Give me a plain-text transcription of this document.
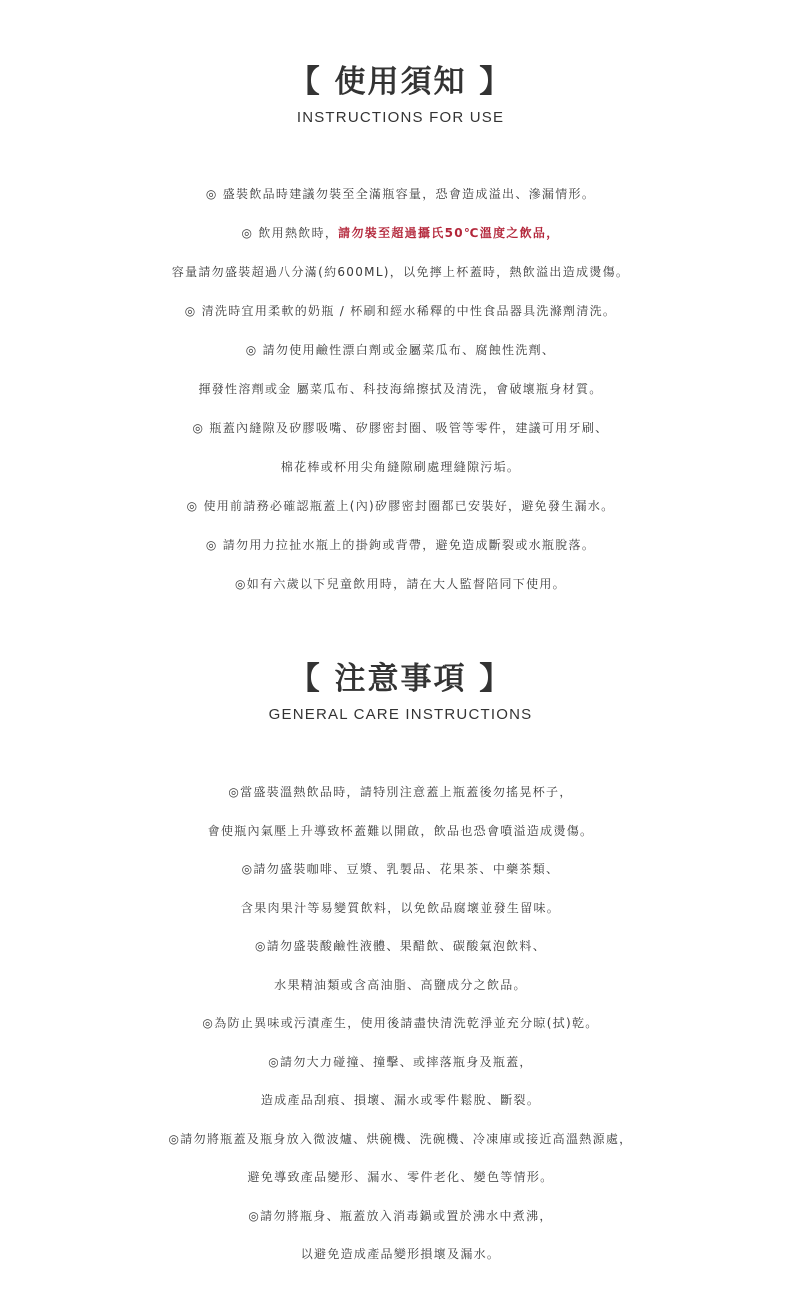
【 使用須知 】
INSTRUCTIONS FOR USE
◎ 盛裝飲品時建議勿裝至全滿瓶容量，恐會造成溢出、滲漏情形。
◎ 飲用熱飲時，請勿裝至超過攝氏50℃溫度之飲品，
容量請勿盛裝超過八分滿(約600ML)，以免擰上杯蓋時，熱飲溢出造成燙傷。
◎ 清洗時宜用柔軟的奶瓶 / 杯刷和經水稀釋的中性食品器具洗滌劑清洗。
◎ 請勿使用鹼性漂白劑或金屬菜瓜布、腐蝕性洗劑、
揮發性溶劑或金 屬菜瓜布、科技海綿擦拭及清洗，會破壞瓶身材質。
◎ 瓶蓋內縫隙及矽膠吸嘴、矽膠密封圈、吸管等零件，建議可用牙刷、
棉花棒或杯用尖角縫隙刷處理縫隙污垢。
◎ 使用前請務必確認瓶蓋上(內)矽膠密封圈都已安裝好，避免發生漏水。
◎ 請勿用力拉扯水瓶上的掛鉤或背帶，避免造成斷裂或水瓶脫落。
◎如有六歲以下兒童飲用時，請在大人監督陪同下使用。
【 注意事項 】
GENERAL CARE INSTRUCTIONS
◎當盛裝溫熱飲品時，請特別注意蓋上瓶蓋後勿搖晃杯子，
會使瓶內氣壓上升導致杯蓋難以開啟，飲品也恐會噴溢造成燙傷。
◎請勿盛裝咖啡、豆漿、乳製品、花果茶、中藥茶類、
含果肉果汁等易變質飲料，以免飲品腐壞並發生留味。
◎請勿盛裝酸鹼性液體、果醋飲、碳酸氣泡飲料、
水果精油類或含高油脂、高鹽成分之飲品。
◎為防止異味或污漬產生，使用後請盡快清洗乾淨並充分晾(拭)乾。
◎請勿大力碰撞、撞擊、或摔落瓶身及瓶蓋，
造成產品刮痕、損壞、漏水或零件鬆脫、斷裂。
◎請勿將瓶蓋及瓶身放入微波爐、烘碗機、洗碗機、冷凍庫或接近高溫熱源處，
避免導致產品變形、漏水、零件老化、變色等情形。
◎請勿將瓶身、瓶蓋放入消毒鍋或置於沸水中煮沸，
以避免造成產品變形損壞及漏水。
